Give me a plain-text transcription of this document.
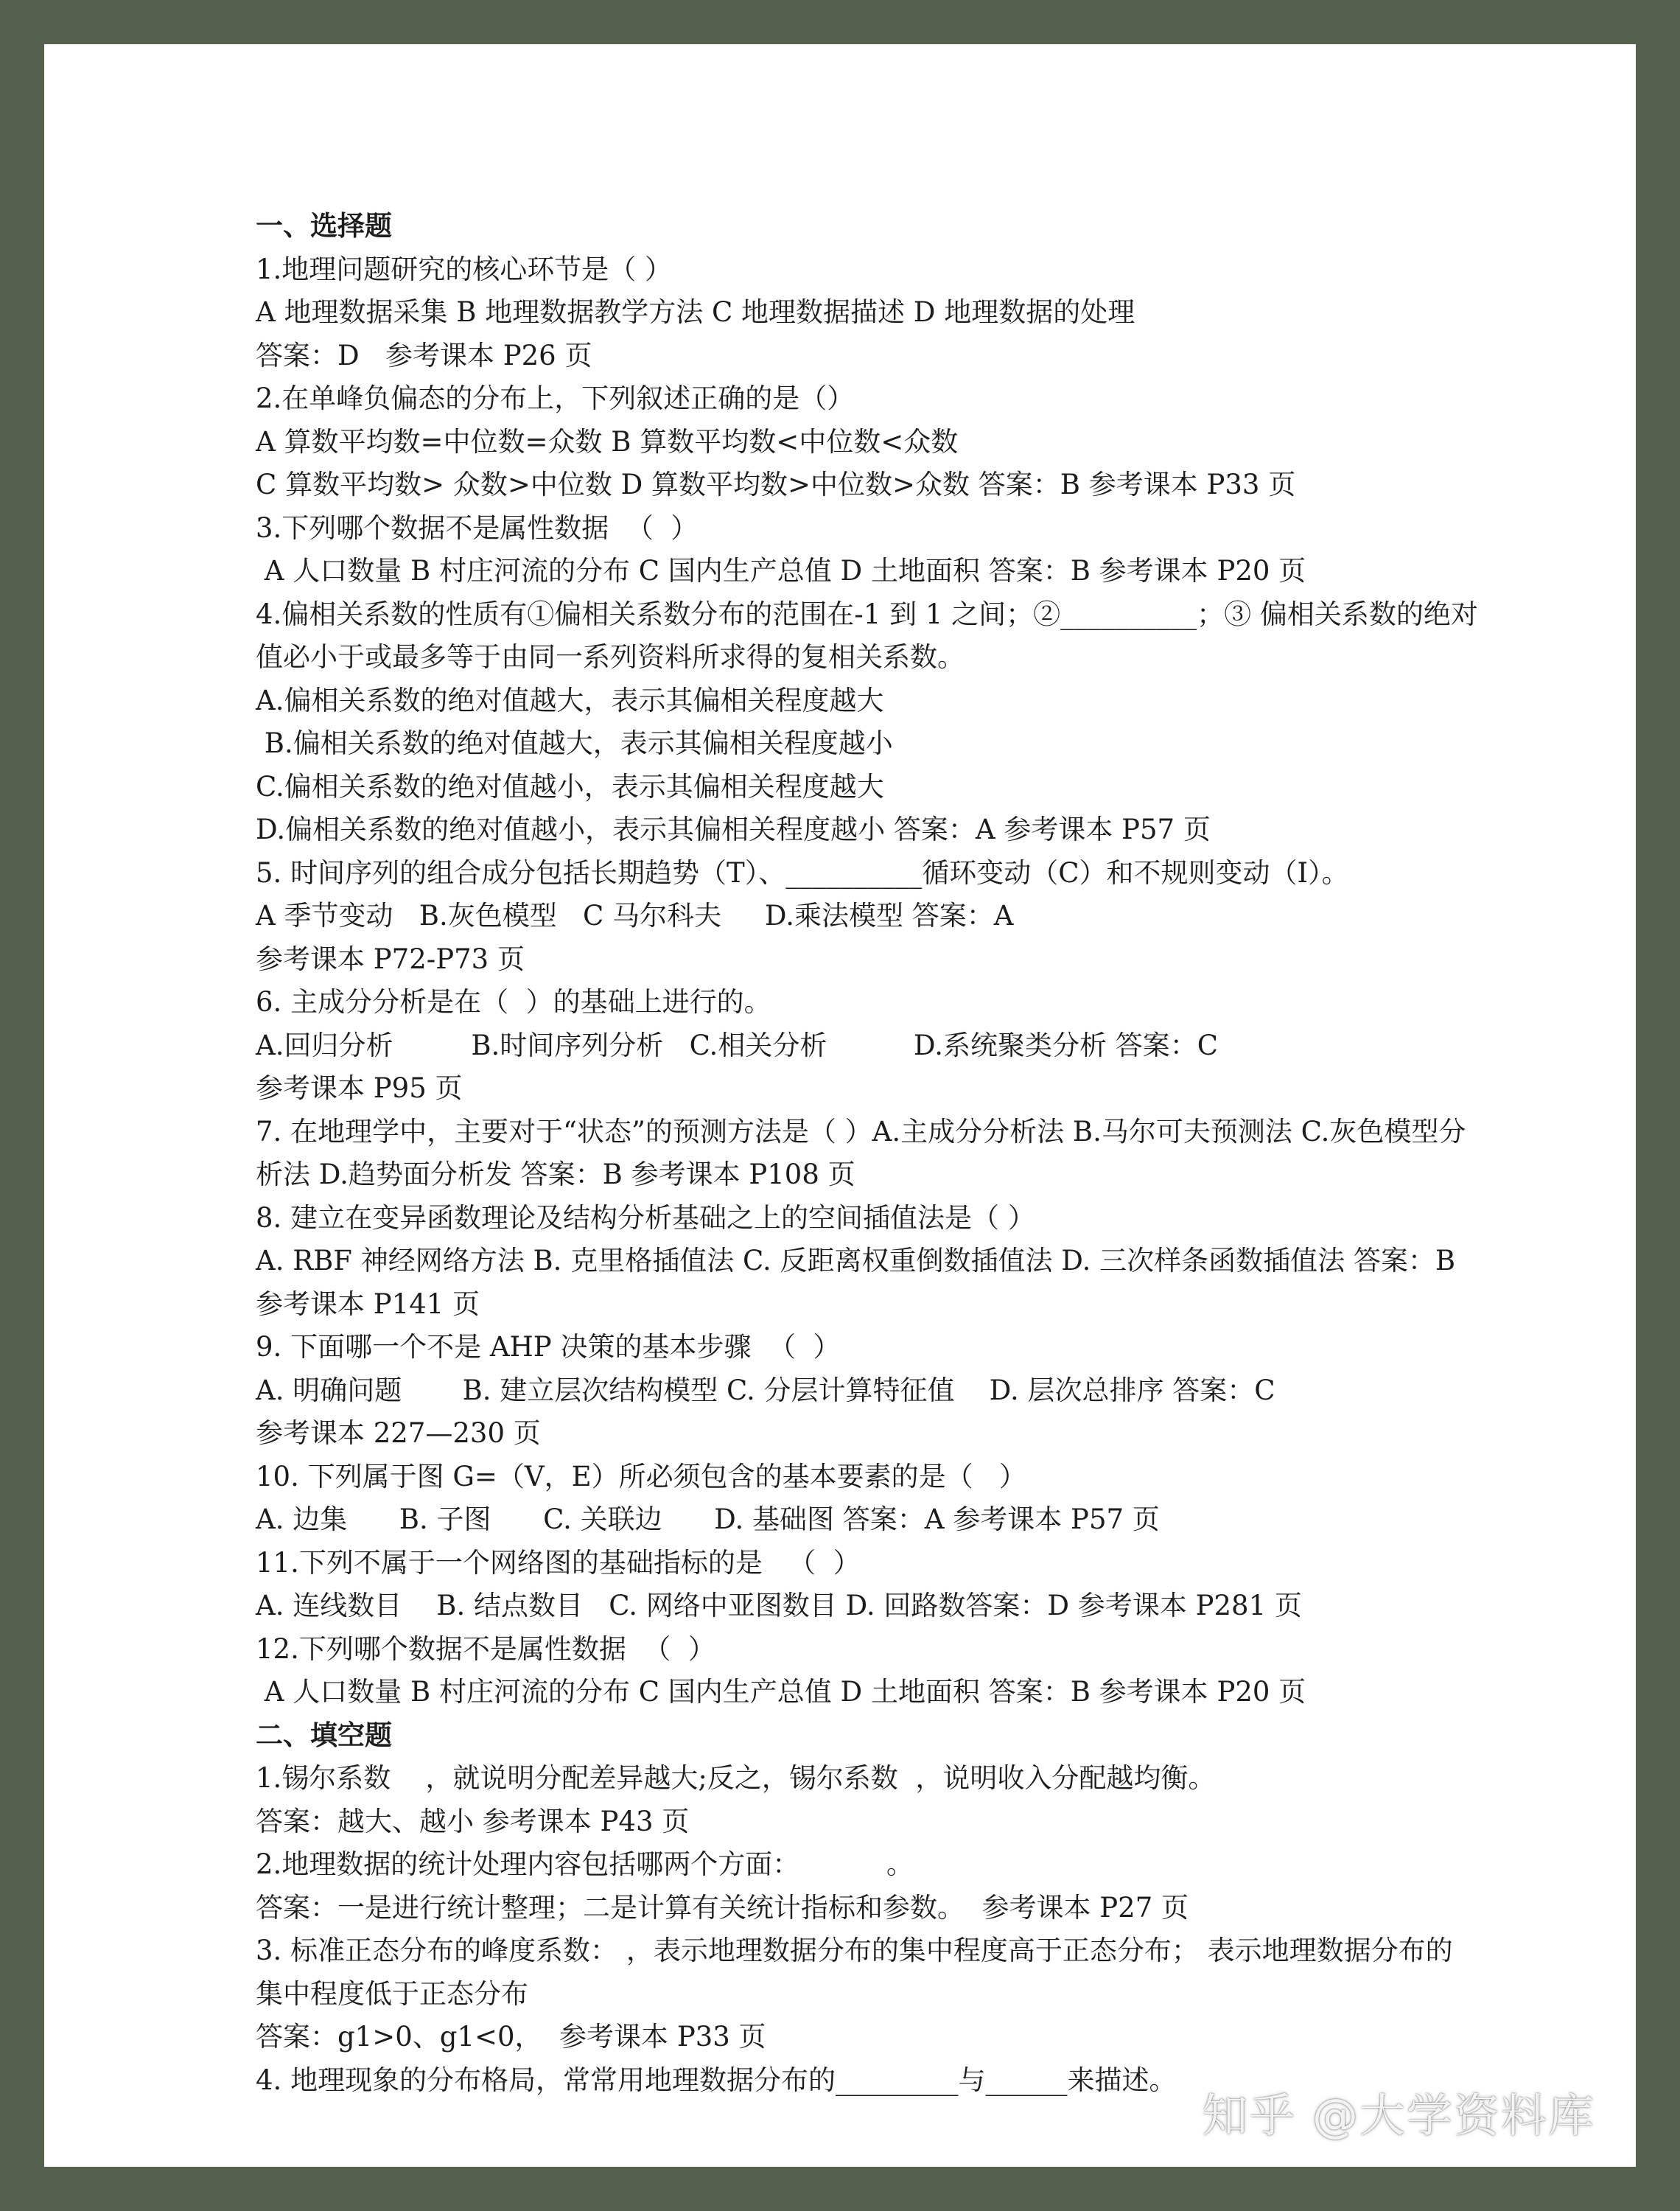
一、选择题
1.地理问题研究的核心环节是（ ）
A 地理数据采集 B 地理数据教学方法 C 地理数据描述 D 地理数据的处理
答案：D   参考课本 P26 页
2.在单峰负偏态的分布上，下列叙述正确的是（）
A 算数平均数=中位数=众数 B 算数平均数<中位数<众数
C 算数平均数> 众数>中位数 D 算数平均数>中位数>众数 答案：B 参考课本 P33 页
3.下列哪个数据不是属性数据  （  ）
A 人口数量 B 村庄河流的分布 C 国内生产总值 D 土地面积 答案：B 参考课本 P20 页
4.偏相关系数的性质有①偏相关系数分布的范围在-1 到 1 之间；②__________；③ 偏相关系数的绝对值必小于或最多等于由同一系列资料所求得的复相关系数。
A.偏相关系数的绝对值越大，表示其偏相关程度越大
B.偏相关系数的绝对值越大，表示其偏相关程度越小
C.偏相关系数的绝对值越小，表示其偏相关程度越大
D.偏相关系数的绝对值越小，表示其偏相关程度越小 答案：A 参考课本 P57 页
5. 时间序列的组合成分包括长期趋势（T）、__________循环变动（C）和不规则变动（I）。
A 季节变动   B.灰色模型   C 马尔科夫     D.乘法模型 答案：A
参考课本 P72-P73 页
6. 主成分分析是在（  ）的基础上进行的。
A.回归分析         B.时间序列分析   C.相关分析          D.系统聚类分析 答案：C
参考课本 P95 页
7. 在地理学中，主要对于“状态”的预测方法是（ ）A.主成分分析法 B.马尔可夫预测法 C.灰色模型分析法 D.趋势面分析发 答案：B 参考课本 P108 页
8. 建立在变异函数理论及结构分析基础之上的空间插值法是（ ）
A. RBF 神经网络方法 B. 克里格插值法 C. 反距离权重倒数插值法 D. 三次样条函数插值法 答案：B 参考课本 P141 页
9. 下面哪一个不是 AHP 决策的基本步骤  （  ）
A. 明确问题       B. 建立层次结构模型 C. 分层计算特征值    D. 层次总排序 答案：C
参考课本 227—230 页
10. 下列属于图 G=（V，E）所必须包含的基本要素的是（   ）
A. 边集      B. 子图      C. 关联边      D. 基础图 答案：A 参考课本 P57 页
11.下列不属于一个网络图的基础指标的是   （  ）
A. 连线数目    B. 结点数目   C. 网络中亚图数目 D. 回路数答案：D 参考课本 P281 页
12.下列哪个数据不是属性数据  （  ）
A 人口数量 B 村庄河流的分布 C 国内生产总值 D 土地面积 答案：B 参考课本 P20 页
二、填空题
1.锡尔系数    ，就说明分配差异越大;反之，锡尔系数  ，说明收入分配越均衡。
答案：越大、越小 参考课本 P43 页
2.地理数据的统计处理内容包括哪两个方面：          。
答案：一是进行统计整理；二是计算有关统计指标和参数。  参考课本 P27 页
3. 标准正态分布的峰度系数： ，表示地理数据分布的集中程度高于正态分布； 表示地理数据分布的集中程度低于正态分布
答案：g1>0、g1<0，  参考课本 P33 页
4. 地理现象的分布格局，常常用地理数据分布的_________与______来描述。
知乎 @大学资料库
